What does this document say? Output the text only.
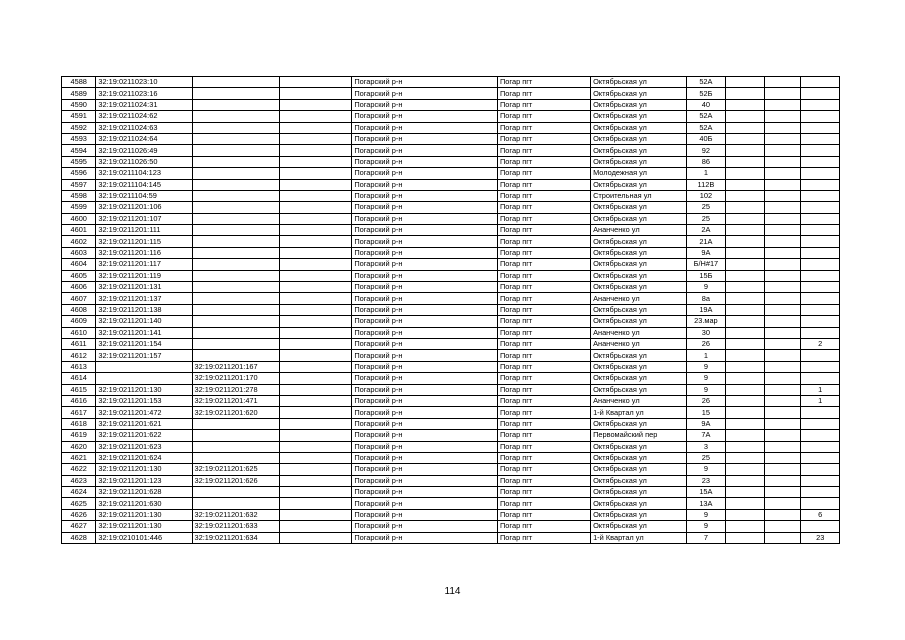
4588	32:19:0211023:10			Погарский р-н	Погар пгт	Октябрьская ул	52А			
4589	32:19:0211023:16			Погарский р-н	Погар пгт	Октябрьская ул	52Б			
4590	32:19:0211024:31			Погарский р-н	Погар пгт	Октябрьская ул	40			
4591	32:19:0211024:62			Погарский р-н	Погар пгт	Октябрьская ул	52А			
4592	32:19:0211024:63			Погарский р-н	Погар пгт	Октябрьская ул	52А			
4593	32:19:0211024:64			Погарский р-н	Погар пгт	Октябрьская ул	40Б			
4594	32:19:0211026:49			Погарский р-н	Погар пгт	Октябрьская ул	92			
4595	32:19:0211026:50			Погарский р-н	Погар пгт	Октябрьская ул	86			
4596	32:19:0211104:123			Погарский р-н	Погар пгт	Молодежная ул	1			
4597	32:19:0211104:145			Погарский р-н	Погар пгт	Октябрьская ул	112В			
4598	32:19:0211104:59			Погарский р-н	Погар пгт	Строительная ул	102			
4599	32:19:0211201:106			Погарский р-н	Погар пгт	Октябрьская ул	25			
4600	32:19:0211201:107			Погарский р-н	Погар пгт	Октябрьская ул	25			
4601	32:19:0211201:111			Погарский р-н	Погар пгт	Ананченко ул	2А			
4602	32:19:0211201:115			Погарский р-н	Погар пгт	Октябрьская ул	21А			
4603	32:19:0211201:116			Погарский р-н	Погар пгт	Октябрьская ул	9А			
4604	32:19:0211201:117			Погарский р-н	Погар пгт	Октябрьская ул	Б/Н#17			
4605	32:19:0211201:119			Погарский р-н	Погар пгт	Октябрьская ул	15Б			
4606	32:19:0211201:131			Погарский р-н	Погар пгт	Октябрьская ул	9			
4607	32:19:0211201:137			Погарский р-н	Погар пгт	Ананченко ул	8а			
4608	32:19:0211201:138			Погарский р-н	Погар пгт	Октябрьская ул	19А			
4609	32:19:0211201:140			Погарский р-н	Погар пгт	Октябрьская ул	23.мар			
4610	32:19:0211201:141			Погарский р-н	Погар пгт	Ананченко ул	30			
4611	32:19:0211201:154			Погарский р-н	Погар пгт	Ананченко ул	26			2
4612	32:19:0211201:157			Погарский р-н	Погар пгт	Октябрьская ул	1			
4613		32:19:0211201:167		Погарский р-н	Погар пгт	Октябрьская ул	9			
4614		32:19:0211201:170		Погарский р-н	Погар пгт	Октябрьская ул	9			
4615	32:19:0211201:130	32:19:0211201:278		Погарский р-н	Погар пгт	Октябрьская ул	9			1
4616	32:19:0211201:153	32:19:0211201:471		Погарский р-н	Погар пгт	Ананченко ул	26			1
4617	32:19:0211201:472	32:19:0211201:620		Погарский р-н	Погар пгт	1-й Квартал ул	15			
4618	32:19:0211201:621			Погарский р-н	Погар пгт	Октябрьская ул	9А			
4619	32:19:0211201:622			Погарский р-н	Погар пгт	Первомайский пер	7А			
4620	32:19:0211201:623			Погарский р-н	Погар пгт	Октябрьская ул	3			
4621	32:19:0211201:624			Погарский р-н	Погар пгт	Октябрьская ул	25			
4622	32:19:0211201:130	32:19:0211201:625		Погарский р-н	Погар пгт	Октябрьская ул	9			
4623	32:19:0211201:123	32:19:0211201:626		Погарский р-н	Погар пгт	Октябрьская ул	23			
4624	32:19:0211201:628			Погарский р-н	Погар пгт	Октябрьская ул	15А			
4625	32:19:0211201:630			Погарский р-н	Погар пгт	Октябрьская ул	13А			
4626	32:19:0211201:130	32:19:0211201:632		Погарский р-н	Погар пгт	Октябрьская ул	9			6
4627	32:19:0211201:130	32:19:0211201:633		Погарский р-н	Погар пгт	Октябрьская ул	9			
4628	32:19:0210101:446	32:19:0211201:634		Погарский р-н	Погар пгт	1-й Квартал ул	7			23
114
